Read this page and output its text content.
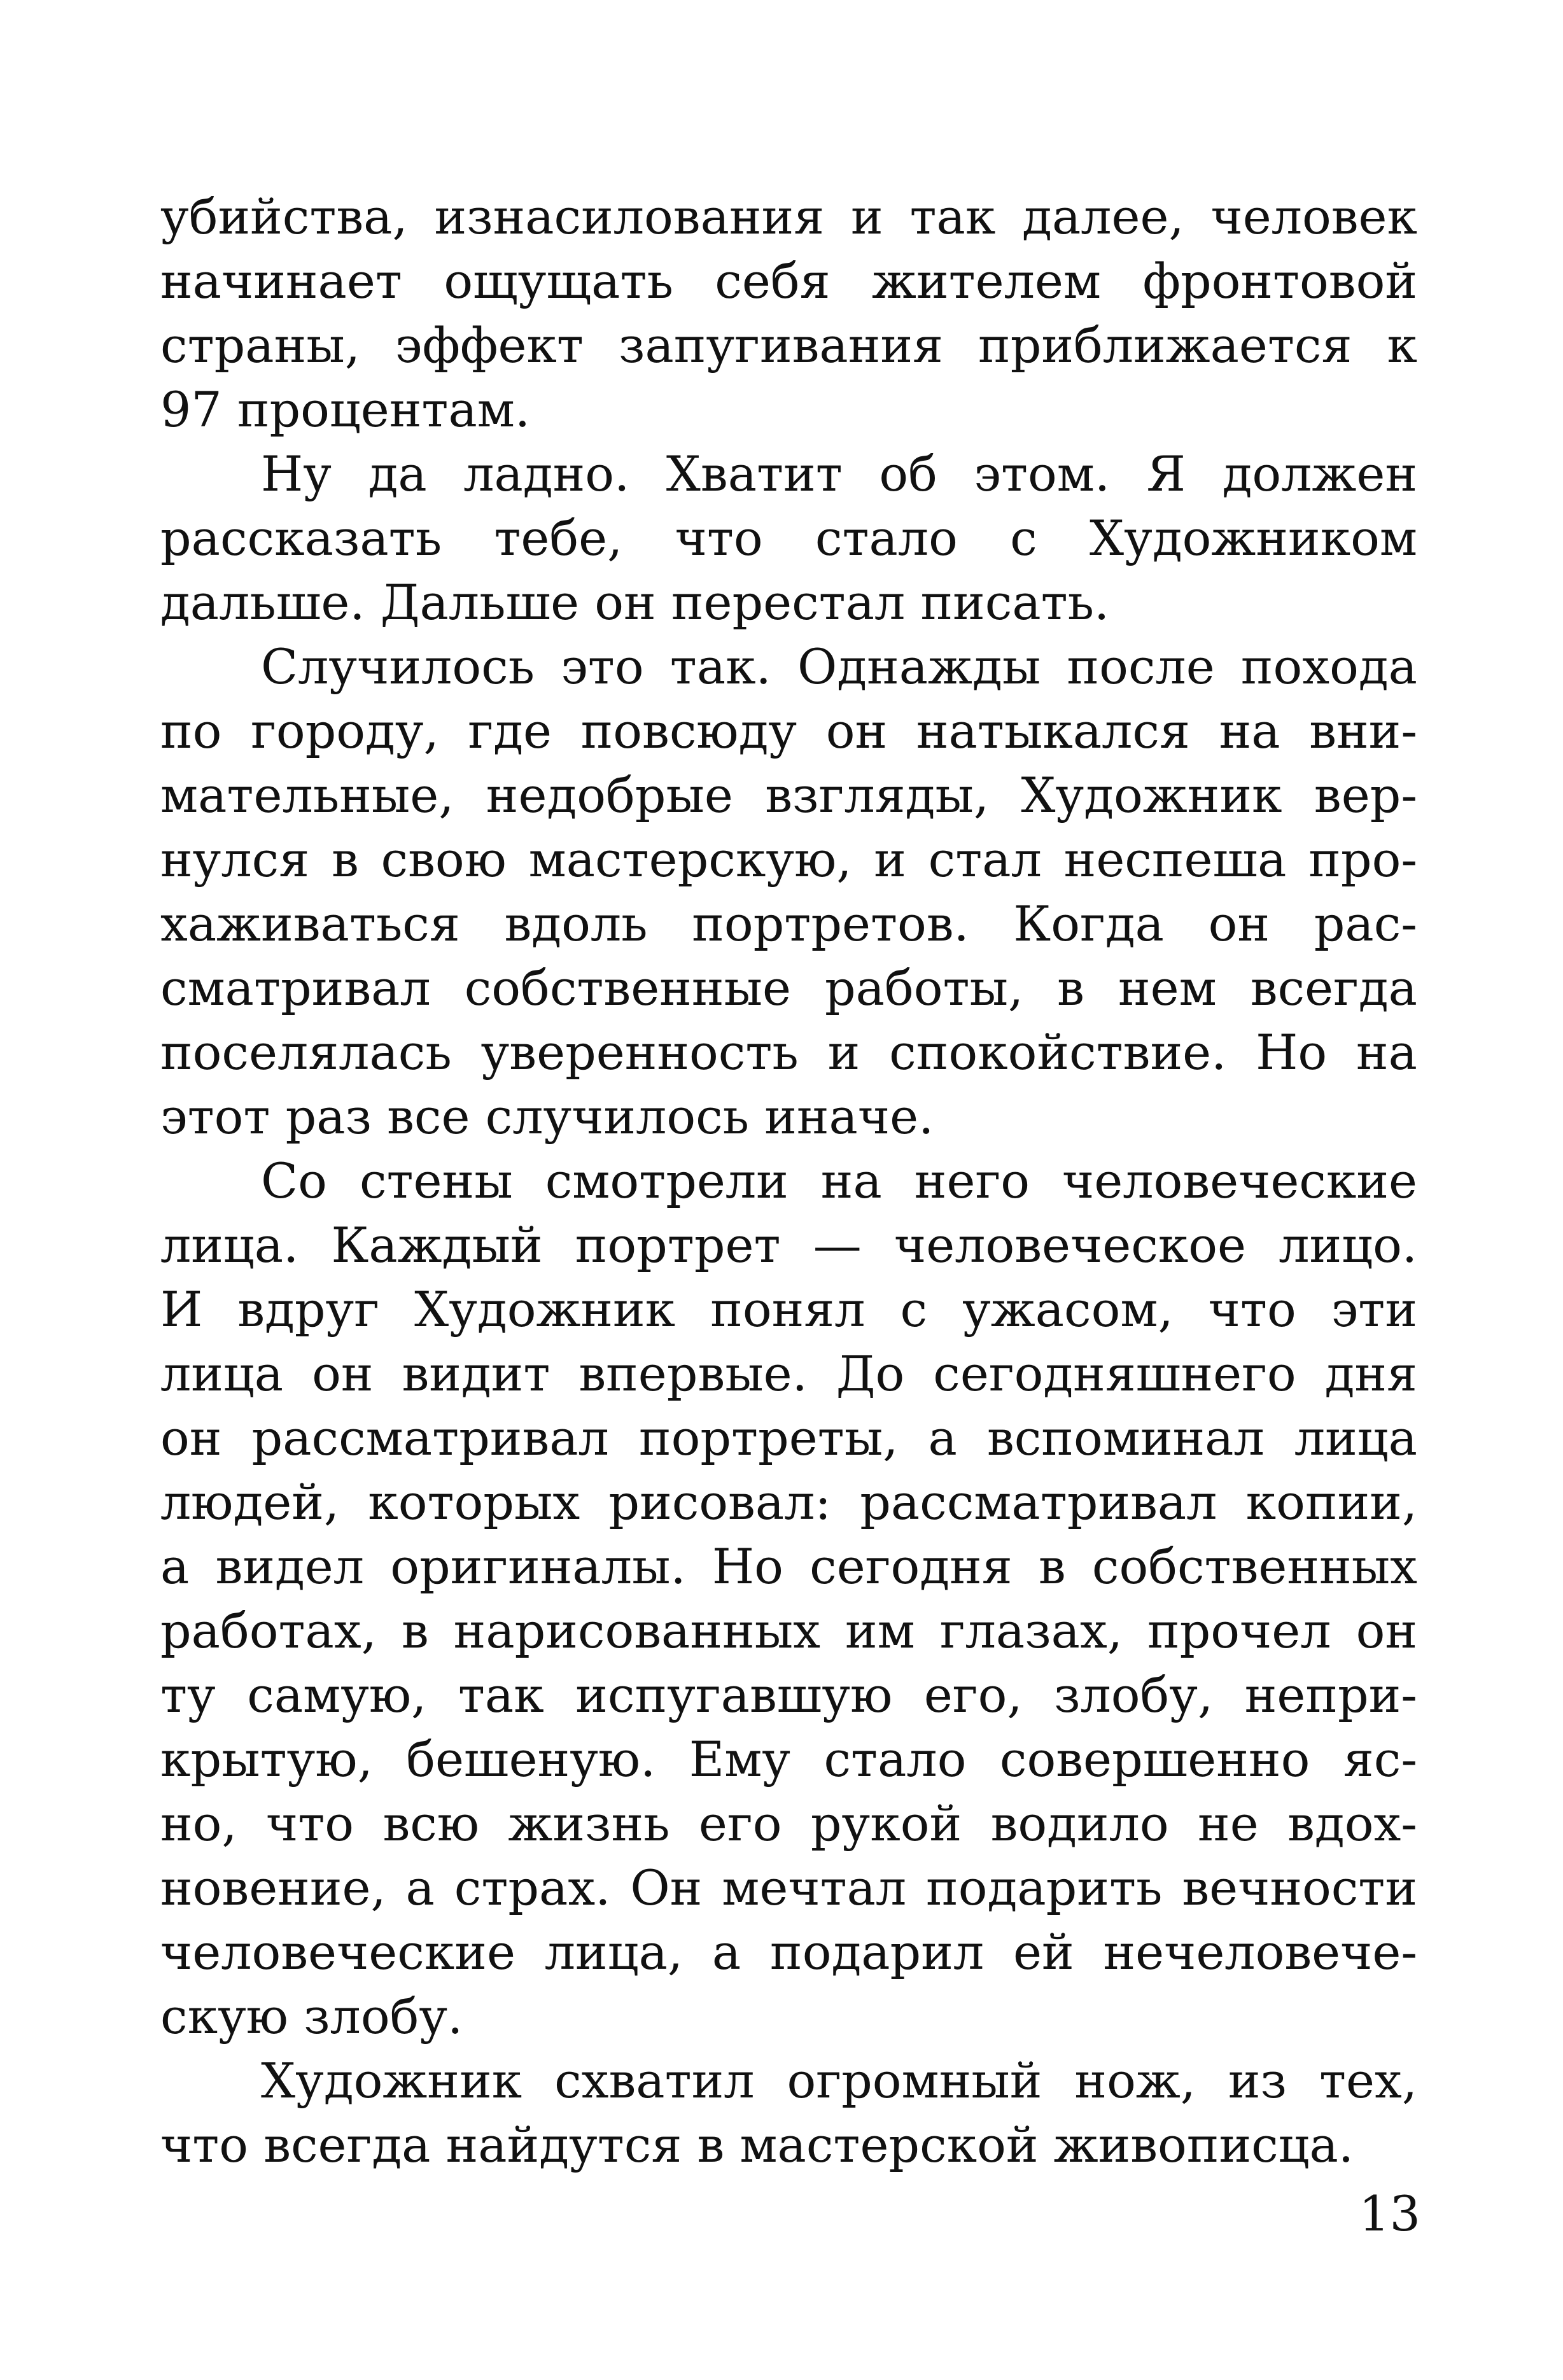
убийства, изнасилования и так далее, человек
начинает ощущать себя жителем фронтовой
страны, эффект запугивания приближается к
97 процентам.
Ну да ладно. Хватит об этом. Я должен
рассказать тебе, что стало с Художником
дальше. Дальше он перестал писать.
Случилось это так. Однажды после похода
по городу, где повсюду он натыкался на вни-
мательные, недобрые взгляды, Художник вер-
нулся в свою мастерскую, и стал неспеша про-
хаживаться вдоль портретов. Когда он рас-
сматривал собственные работы, в нем всегда
поселялась уверенность и спокойствие. Но на
этот раз все случилось иначе.
Со стены смотрели на него человеческие
лица. Каждый портрет — человеческое лицо.
И вдруг Художник понял с ужасом, что эти
лица он видит впервые. До сегодняшнего дня
он рассматривал портреты, а вспоминал лица
людей, которых рисовал: рассматривал копии,
а видел оригиналы. Но сегодня в собственных
работах, в нарисованных им глазах, прочел он
ту самую, так испугавшую его, злобу, непри-
крытую, бешеную. Ему стало совершенно яс-
но, что всю жизнь его рукой водило не вдох-
новение, а страх. Он мечтал подарить вечности
человеческие лица, а подарил ей нечеловече-
скую злобу.
Художник схватил огромный нож, из тех,
что всегда найдутся в мастерской живописца.
13
